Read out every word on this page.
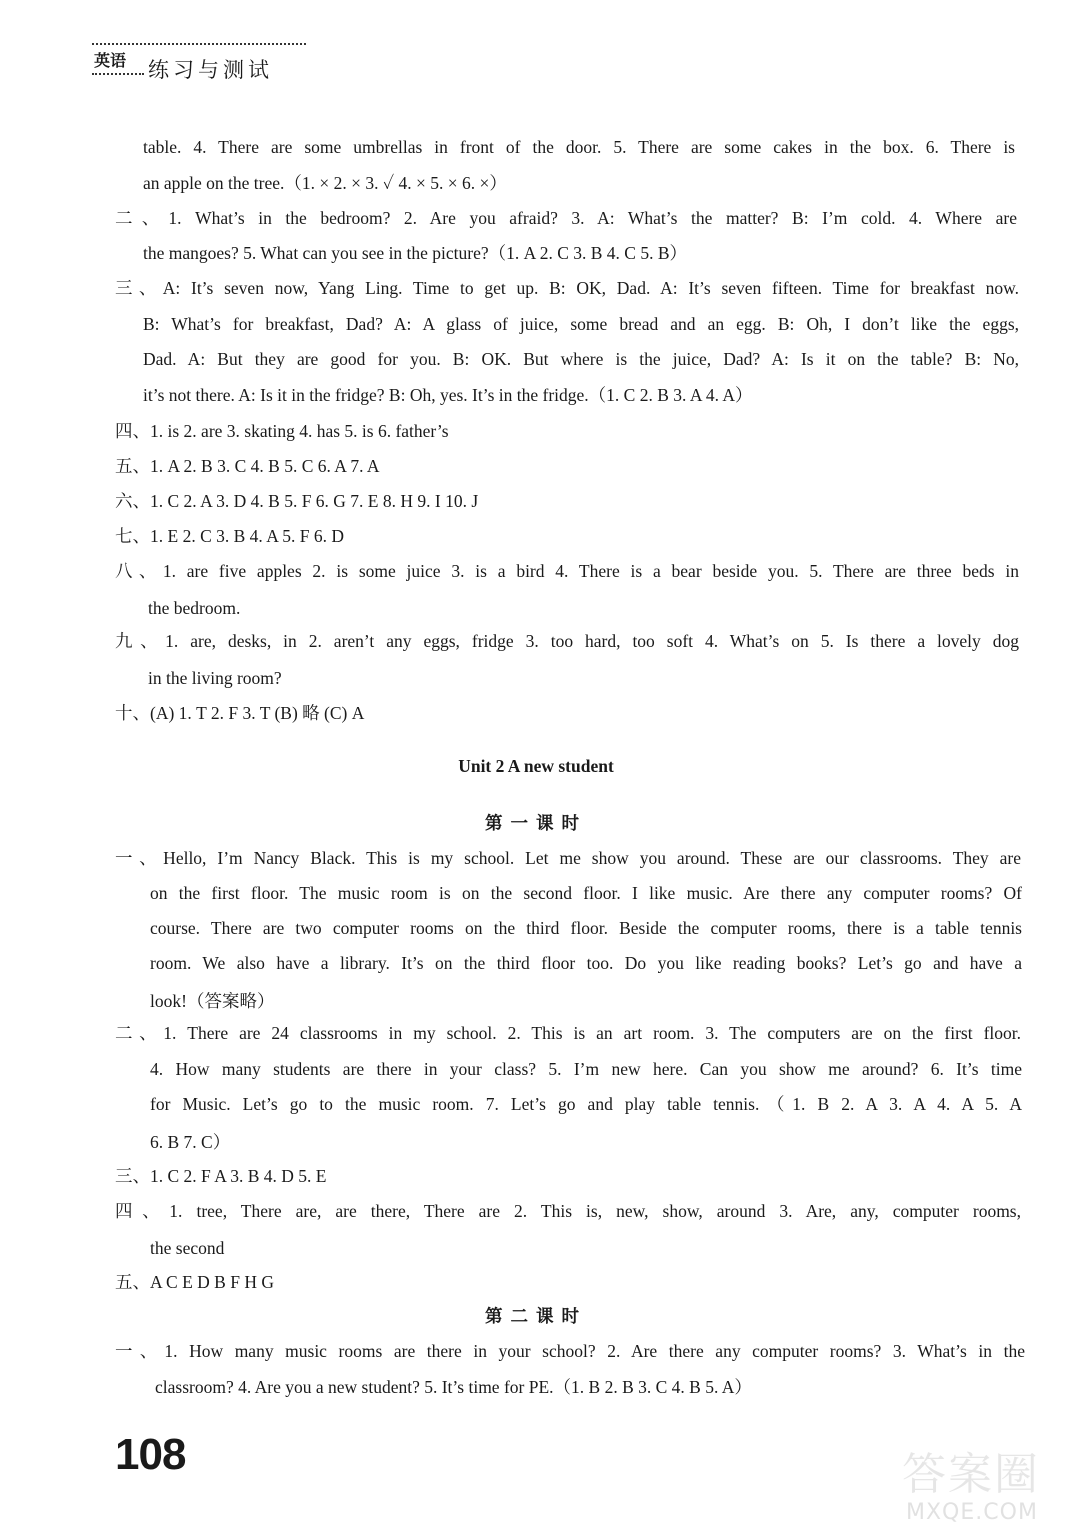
英语 练习与测试
table. 4. There are some umbrellas in front of the door. 5. There are some cakes in the box. 6. There is
an apple on the tree.（1. × 2. × 3. ✓ 4. × 5. × 6. ×）
二、1. What’s in the bedroom? 2. Are you afraid? 3. A: What’s the matter? B: I’m cold. 4. Where are
the mangoes? 5. What can you see in the picture?（1. A 2. C 3. B 4. C 5. B）
三、A: It’s seven now, Yang Ling. Time to get up. B: OK, Dad. A: It’s seven fifteen. Time for breakfast now.
B: What’s for breakfast, Dad? A: A glass of juice, some bread and an egg. B: Oh, I don’t like the eggs,
Dad. A: But they are good for you. B: OK. But where is the juice, Dad? A: Is it on the table? B: No,
it’s not there. A: Is it in the fridge? B: Oh, yes. It’s in the fridge.（1. C 2. B 3. A 4. A）
四、1. is 2. are 3. skating 4. has 5. is 6. father’s
五、1. A 2. B 3. C 4. B 5. C 6. A 7. A
六、1. C 2. A 3. D 4. B 5. F 6. G 7. E 8. H 9. I 10. J
七、1. E 2. C 3. B 4. A 5. F 6. D
八、1. are five apples 2. is some juice 3. is a bird 4. There is a bear beside you. 5. There are three beds in
the bedroom.
九、1. are, desks, in 2. aren’t any eggs, fridge 3. too hard, too soft 4. What’s on 5. Is there a lovely dog
in the living room?
十、(A) 1. T 2. F 3. T (B) 略 (C) A
Unit 2 A new student
第一课时
一、Hello, I’m Nancy Black. This is my school. Let me show you around. These are our classrooms. They are
on the first floor. The music room is on the second floor. I like music. Are there any computer rooms? Of
course. There are two computer rooms on the third floor. Beside the computer rooms, there is a table tennis
room. We also have a library. It’s on the third floor too. Do you like reading books? Let’s go and have a
look!（答案略）
二、1. There are 24 classrooms in my school. 2. This is an art room. 3. The computers are on the first floor.
4. How many students are there in your class? 5. I’m new here. Can you show me around? 6. It’s time
for Music. Let’s go to the music room. 7. Let’s go and play table tennis.（1. B 2. A 3. A 4. A 5. A
6. B 7. C）
三、1. C 2. F A 3. B 4. D 5. E
四、1. tree, There are, are there, There are 2. This is, new, show, around 3. Are, any, computer rooms,
the second
五、A C E D B F H G
第二课时
一、1. How many music rooms are there in your school? 2. Are there any computer rooms? 3. What’s in the
classroom? 4. Are you a new student? 5. It’s time for PE.（1. B 2. B 3. C 4. B 5. A）
108	答案圈
MXQE.COM
